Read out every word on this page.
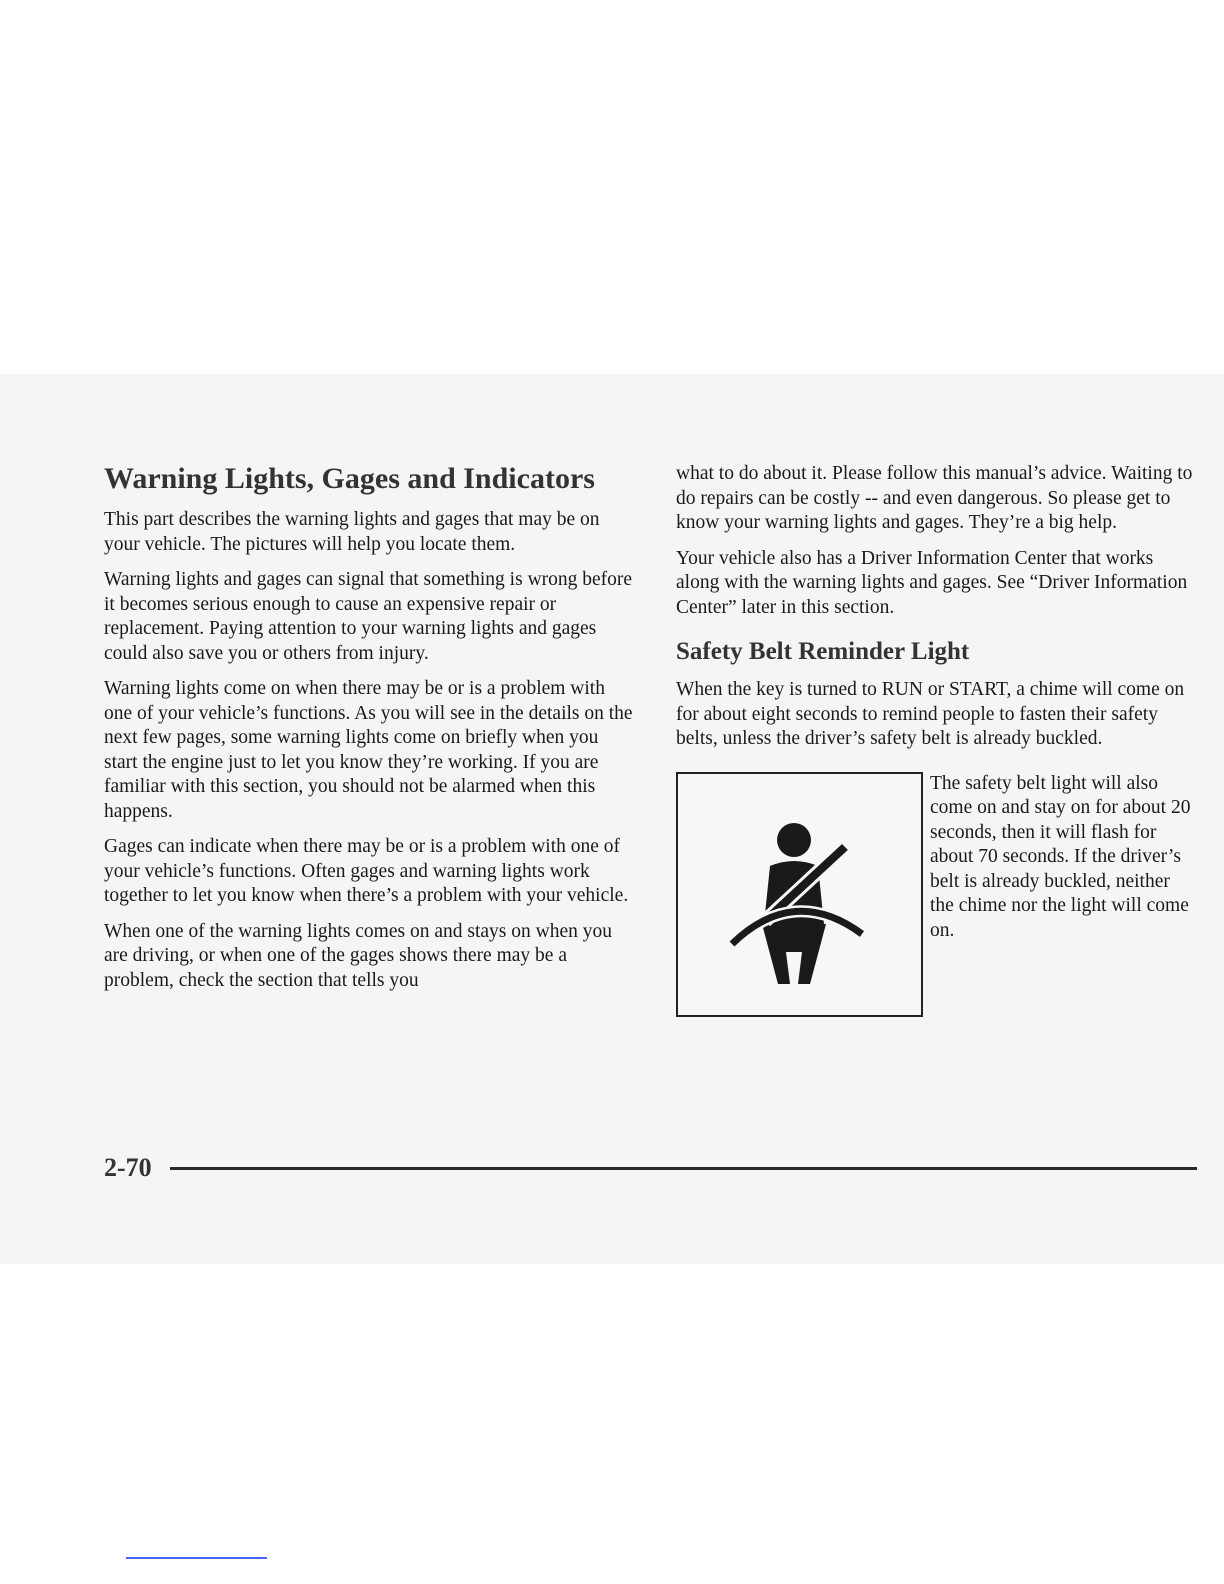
Warning Lights, Gages and Indicators

This part describes the warning lights and gages that may be on your vehicle. The pictures will help you locate them.

Warning lights and gages can signal that something is wrong before it becomes serious enough to cause an expensive repair or replacement. Paying attention to your warning lights and gages could also save you or others from injury.

Warning lights come on when there may be or is a problem with one of your vehicle’s functions. As you will see in the details on the next few pages, some warning lights come on briefly when you start the engine just to let you know they’re working. If you are familiar with this section, you should not be alarmed when this happens.

Gages can indicate when there may be or is a problem with one of your vehicle’s functions. Often gages and warning lights work together to let you know when there’s a problem with your vehicle.

When one of the warning lights comes on and stays on when you are driving, or when one of the gages shows there may be a problem, check the section that tells you

what to do about it. Please follow this manual’s advice. Waiting to do repairs can be costly -- and even dangerous. So please get to know your warning lights and gages. They’re a big help.

Your vehicle also has a Driver Information Center that works along with the warning lights and gages. See “Driver Information Center” later in this section.

Safety Belt Reminder Light

When the key is turned to RUN or START, a chime will come on for about eight seconds to remind people to fasten their safety belts, unless the driver’s safety belt is already buckled.

The safety belt light will also come on and stay on for about 20 seconds, then it will flash for about 70 seconds. If the driver’s belt is already buckled, neither the chime nor the light will come on.
2-70
